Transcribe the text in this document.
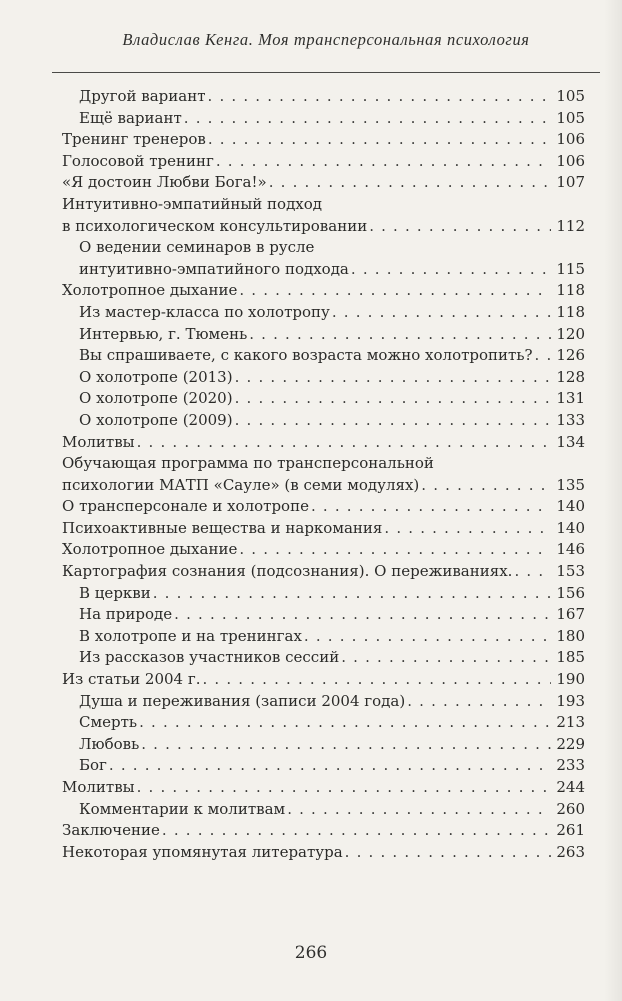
Владислав Кенга. Моя трансперсональная психология
Другой вариант . . .	105
Ещё вариант . . .	105
Тренинг тренеров . . .	106
Голосовой тренинг . . .	106
«Я достоин Любви Бога!» . . .	107
Интуитивно-эмпатийный подход
в психологическом консультировании . . .	112
О ведении семинаров в русле
интуитивно-эмпатийного подхода . . .	115
Холотропное дыхание . . .	118
Из мастер-класса по холотропу . . .	118
Интервью, г. Тюмень . . .	120
Вы спрашиваете, с какого возраста можно холотропить? . . . 126
О холотропе (2013) . . .	128
О холотропе (2020) . . .	131
О холотропе (2009) . . .	133
Молитвы . . .	134
Обучающая программа по трансперсональной
психологии МАТП «Сауле» (в семи модулях) . . .	135
О трансперсонале и холотропе . . .	140
Психоактивные вещества и наркомания . . .	140
Холотропное дыхание . . .	146
Картография сознания (подсознания). О переживаниях. . . .	153
В церкви . . .	156
На природе . . .	167
В холотропе и на тренингах . . .	180
Из рассказов участников сессий . . .	185
Из статьи 2004 г. . . .	190
Душа и переживания (записи 2004 года) . . .	193
Смерть . . .	213
Любовь . . .	229
Бог . . .	233
Молитвы . . .	244
Комментарии к молитвам . . .	260
Заключение . . .	261
Некоторая упомянутая литература . . .	263
266
